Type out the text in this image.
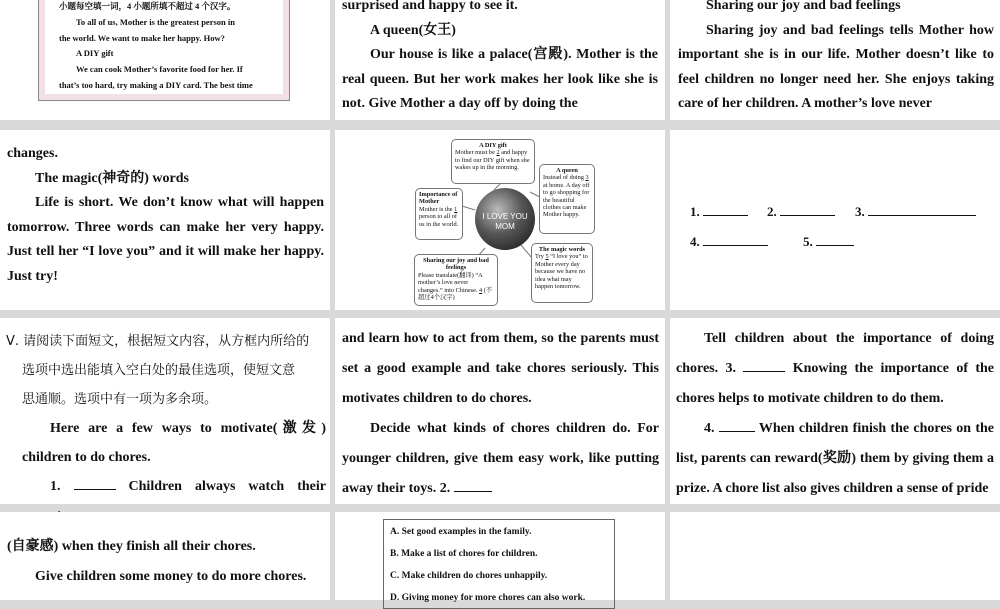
小题每空填一词，4 小题所填不超过 4 个汉字。

To all of us, Mother is the greatest person in

the world. We want to make her happy. How?

A DIY gift

We can cook Mother’s favorite food for her. If

that’s too hard, try making a DIY card. The best time

surprised and happy to see it.

A queen(女王)

Our house is like a palace(宫殿). Mother is the real queen. But her work makes her look like she is not. Give Mother a day off by doing the

Sharing our joy and bad feelings

Sharing joy and bad feelings tells Mother how important she is in our life. Mother doesn’t like to feel children no longer need her. She enjoys taking care of her children. A mother’s love never

changes.

The magic(神奇的) words

Life is short. We don’t know what will happen tomorrow. Three words can make her very happy. Just tell her “I love you” and it will make her happy. Just try!

A DIY gift
Mother must be 2 and happy to find our DIY gift when she wakes up in the morning.	A queen
Instead of doing 3 at home. A day off to go shopping for the beautiful clothes can make Mother happy.
Importance of Mother
Mother is the 1 person to all of us in the world.
I LOVE YOU
MOM
Sharing our joy and bad feelings
Please translate(翻译) “A mother’s love never changes.” into Chinese. 4 (不超过4个汉字)
The magic words
Try 5 “I love you” to Mother every day because we have no idea what may happen tomorrow.
1.	2.	3.
4.	5.

Ⅴ. 请阅读下面短文，根据短文内容，从方框内所给的

选项中选出能填入空白处的最佳选项，使短文意

思通顺。选项中有一项为多余项。

Here are a few ways to motivate(激发) children to do chores.

1.	Children always watch their

and learn how to act from them, so the parents must set a good example and take chores seriously. This motivates children to do chores.

Decide what kinds of chores children do. For younger children, give them easy work, like putting away their toys. 2.

Tell children about the importance of doing chores. 3.	Knowing the importance of the chores helps to motivate children to do them.

4.	When children finish the chores on the list, parents can reward(奖励) them by giving them a prize. A chore list also gives children a sense of pride

(自豪感) when they finish all their chores.

Give children some money to do more chores.

A. Set good examples in the family.

B. Make a list of chores for children.

C. Make children do chores unhappily.

D. Giving money for more chores can also work.
